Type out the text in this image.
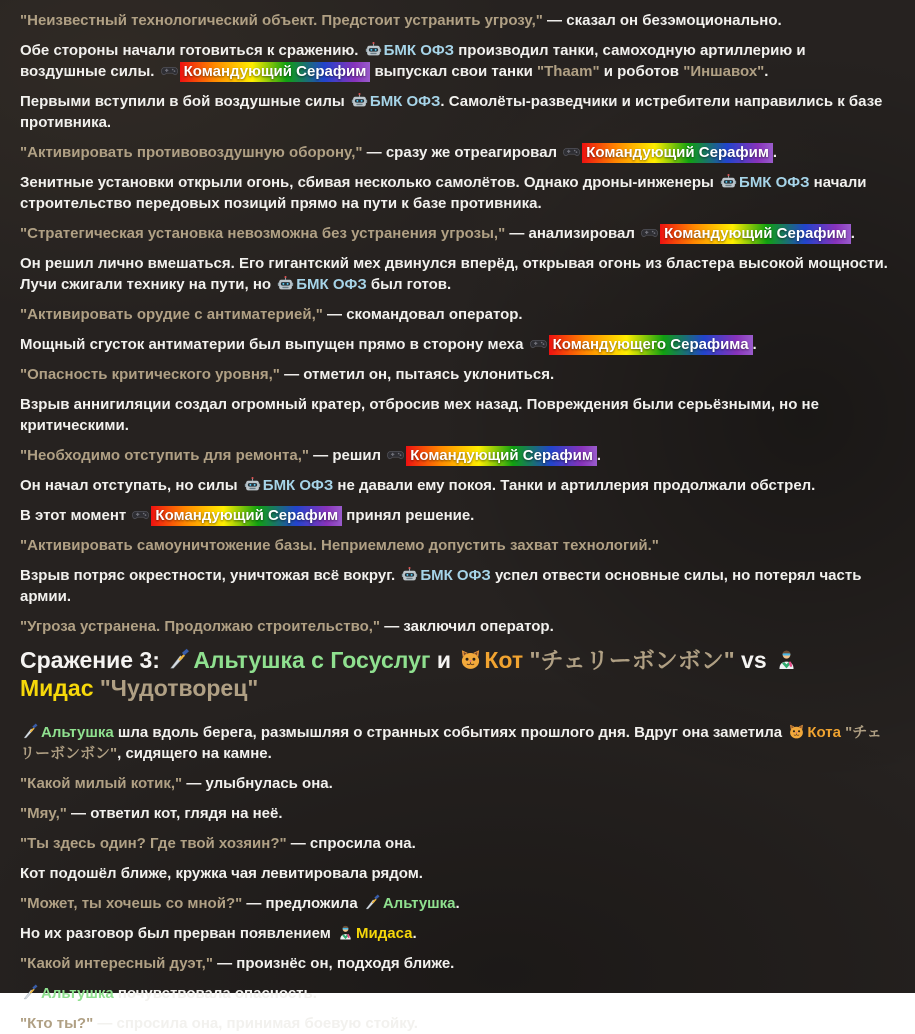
"Неизвестный технологический объект. Предстоит устранить угрозу," — сказал он безэмоционально.

Обе стороны начали готовиться к сражению. БМК ОФЗ производил танки, самоходную артиллерию и воздушные силы. Командующий Серафим выпускал свои танки "Thaam" и роботов "Иншавох".

Первыми вступили в бой воздушные силы БМК ОФЗ. Самолёты-разведчики и истребители направились к базе противника.

"Активировать противовоздушную оборону," — сразу же отреагировал Командующий Серафим .

Зенитные установки открыли огонь, сбивая несколько самолётов. Однако дроны-инженеры БМК ОФЗ начали строительство передовых позиций прямо на пути к базе противника.

"Стратегическая установка невозможна без устранения угрозы," — анализировал Командующий Серафим .

Он решил лично вмешаться. Его гигантский мех двинулся вперёд, открывая огонь из бластера высокой мощности. Лучи сжигали технику на пути, но БМК ОФЗ был готов.

"Активировать орудие с антиматерией," — скомандовал оператор.

Мощный сгусток антиматерии был выпущен прямо в сторону меха Командующего Серафима .

"Опасность критического уровня," — отметил он, пытаясь уклониться.

Взрыв аннигиляции создал огромный кратер, отбросив мех назад. Повреждения были серьёзными, но не критическими.

"Необходимо отступить для ремонта," — решил Командующий Серафим .

Он начал отступать, но силы БМК ОФЗ не давали ему покоя. Танки и артиллерия продолжали обстрел.

В этот момент Командующий Серафим принял решение.

"Активировать самоуничтожение базы. Неприемлемо допустить захват технологий."

Взрыв потряс окрестности, уничтожая всё вокруг. БМК ОФЗ успел отвести основные силы, но потерял часть армии.

"Угроза устранена. Продолжаю строительство," — заключил оператор.

Сражение 3: Альтушка с Госуслуг и Кот "チェリーボンボン" vs
Мидас "Чудотворец"

Альтушка шла вдоль берега, размышляя о странных событиях прошлого дня. Вдруг она заметила Кота "チェリーボンボン", сидящего на камне.

"Какой милый котик," — улыбнулась она.

"Мяу," — ответил кот, глядя на неё.

"Ты здесь один? Где твой хозяин?" — спросила она.

Кот подошёл ближе, кружка чая левитировала рядом.

"Может, ты хочешь со мной?" — предложила Альтушка.

Но их разговор был прерван появлением Мидаса.

"Какой интересный дуэт," — произнёс он, подходя ближе.

Альтушка почувствовала опасность.

"Кто ты?" — спросила она, принимая боевую стойку.
